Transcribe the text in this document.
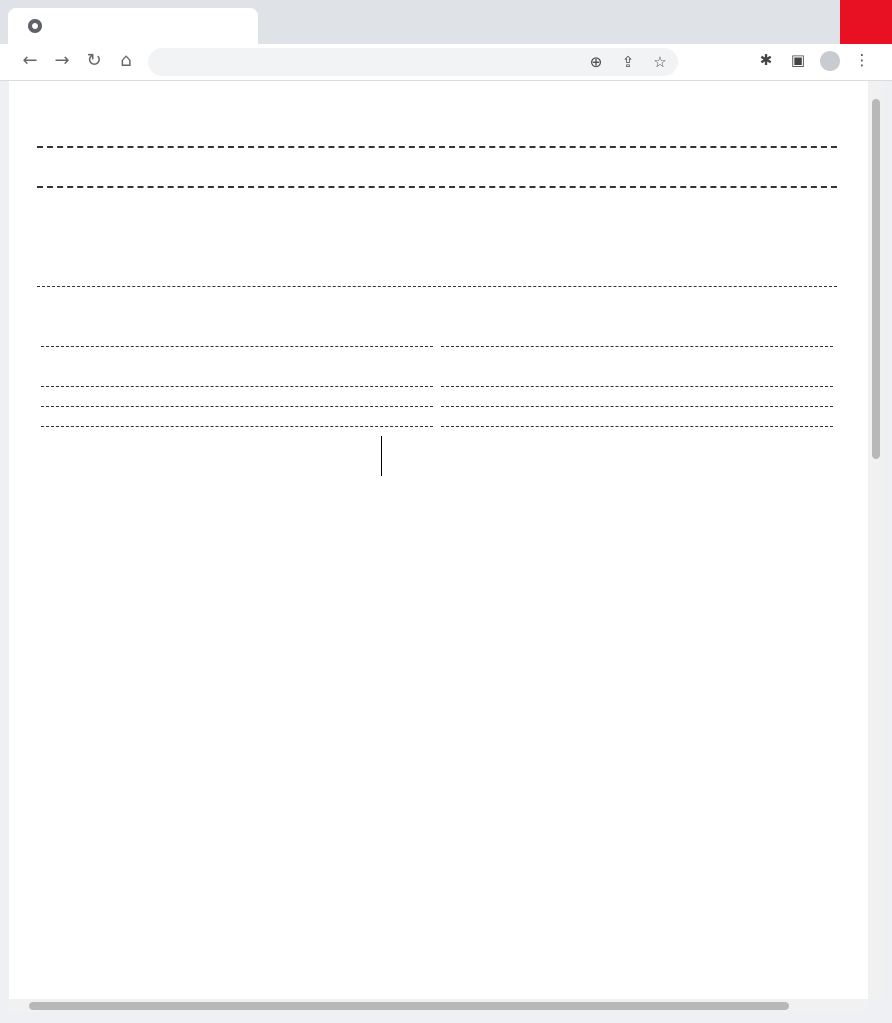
← → ↻	⌂	⊕ ⇪ ☆	✱ ▣	⋮
